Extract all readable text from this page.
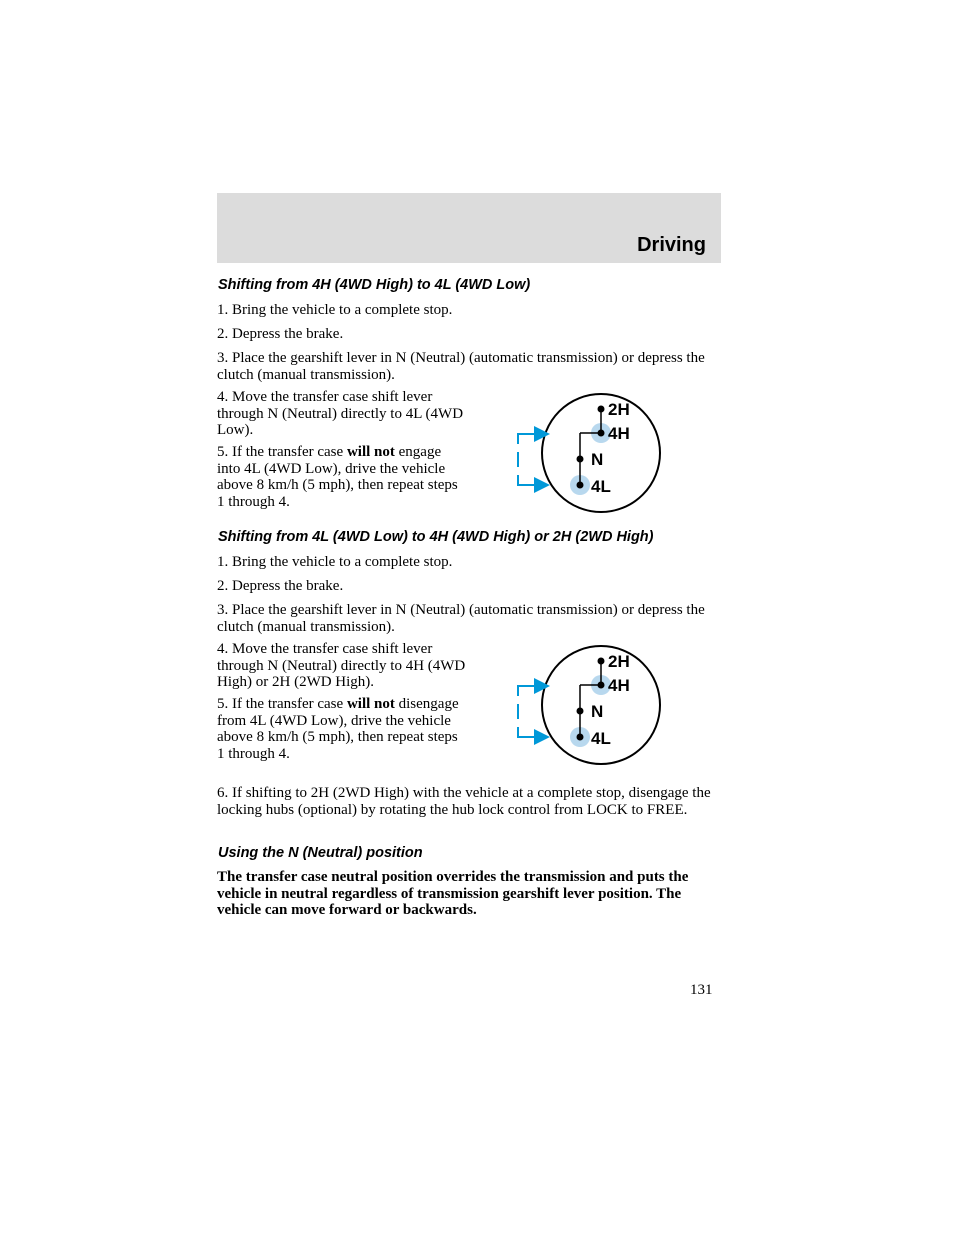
Driving
Shifting from 4H (4WD High) to 4L (4WD Low)

1. Bring the vehicle to a complete stop.

2. Depress the brake.

3. Place the gearshift lever in N (Neutral) (automatic transmission) or depress the clutch (manual transmission).

4. Move the transfer case shift lever through N (Neutral) directly to 4L (4WD Low).

5. If the transfer case will not engage into 4L (4WD Low), drive the vehicle above 8 km/h (5 mph), then repeat steps 1 through 4.

2H
4H
N
4L
Shifting from 4L (4WD Low) to 4H (4WD High) or 2H (2WD High)

1. Bring the vehicle to a complete stop.

2. Depress the brake.

3. Place the gearshift lever in N (Neutral) (automatic transmission) or depress the clutch (manual transmission).

4. Move the transfer case shift lever through N (Neutral) directly to 4H (4WD High) or 2H (2WD High).

5. If the transfer case will not disengage from 4L (4WD Low), drive the vehicle above 8 km/h (5 mph), then repeat steps 1 through 4.

2H
4H
N
4L

6. If shifting to 2H (2WD High) with the vehicle at a complete stop, disengage the locking hubs (optional) by rotating the hub lock control from LOCK to FREE.

Using the N (Neutral) position

The transfer case neutral position overrides the transmission and puts the vehicle in neutral regardless of transmission gearshift lever position. The vehicle can move forward or backwards.

131
